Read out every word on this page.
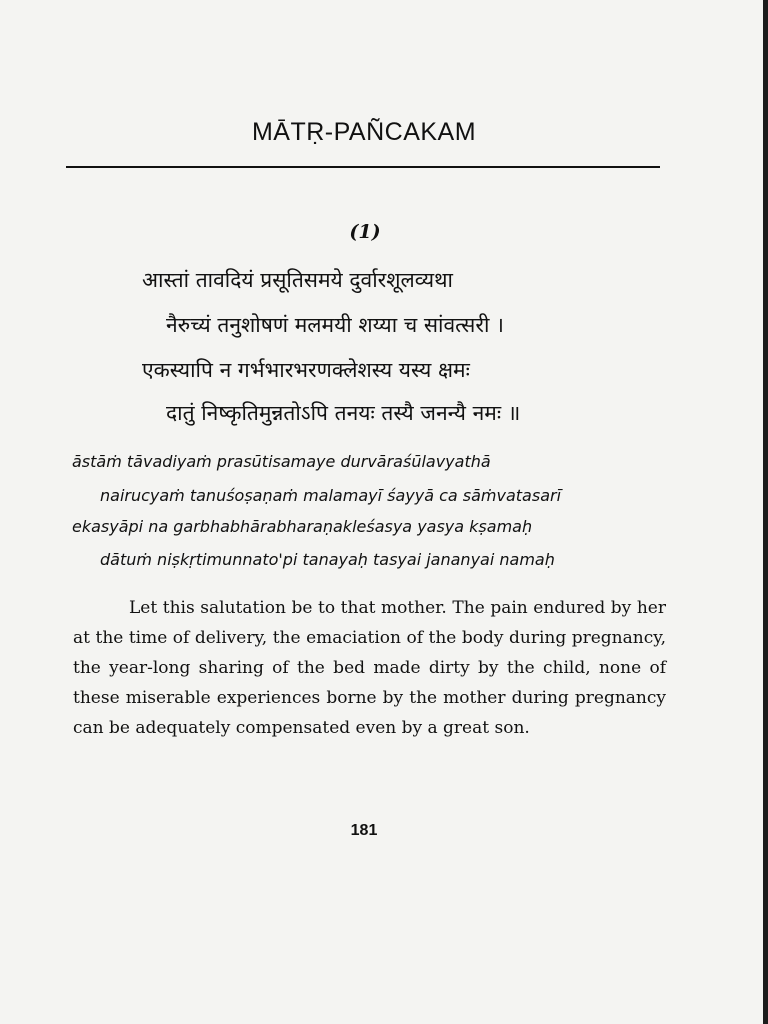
MĀTṚ-PAÑCAKAM
(1)
आस्तां तावदियं प्रसूतिसमये दुर्वारशूलव्यथा
नैरुच्यं तनुशोषणं मलमयी शय्या च सांवत्सरी ।
एकस्यापि न गर्भभारभरणक्लेशस्य यस्य क्षमः
दातुं निष्कृतिमुन्नतोऽपि तनयः तस्यै जनन्यै नमः ॥
āstāṁ tāvadiyaṁ prasūtisamaye durvāraśūlavyathā
nairucyaṁ tanuśoṣaṇaṁ malamayī śayyā ca sāṁvatasarī
ekasyāpi na garbhabhārabharaṇakleśasya yasya kṣamaḥ
dātuṁ niṣkṛtimunnato'pi tanayaḥ tasyai jananyai namaḥ

Let this salutation be to that mother. The pain endured by her at the time of delivery, the emaciation of the body during pregnancy, the year-long sharing of the bed made dirty by the child, none of these miserable experiences borne by the mother during pregnancy can be adequately compensated even by a great son.

181
